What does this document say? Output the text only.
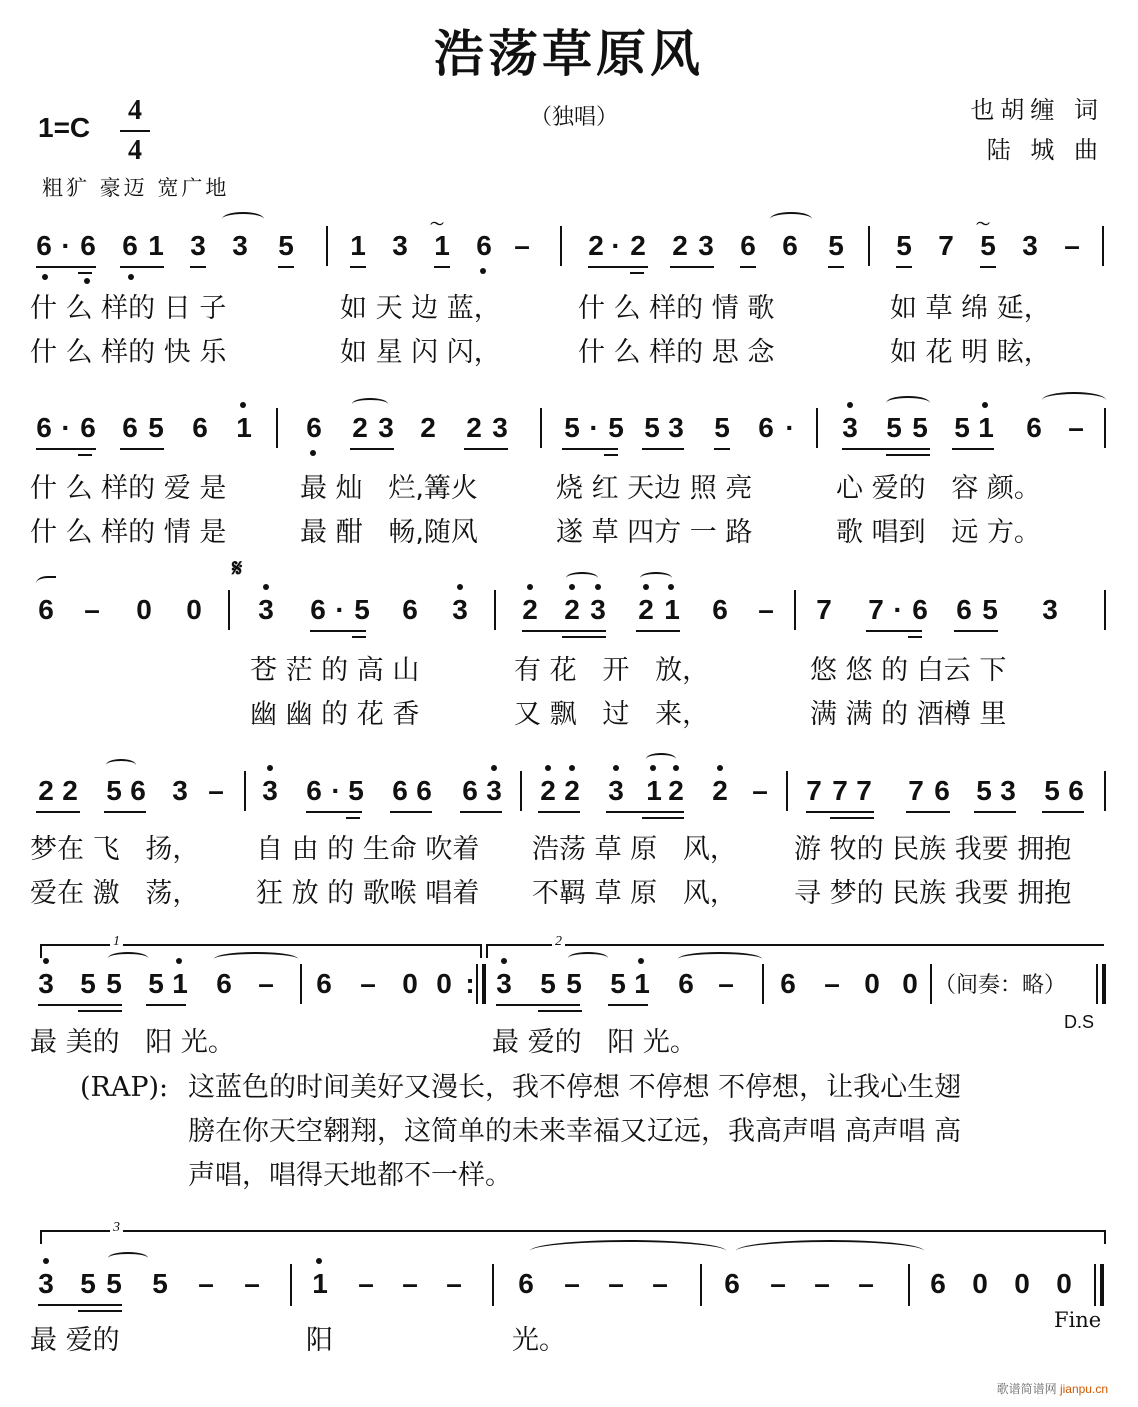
浩荡草原风
1=C
4
4
（独唱）	也胡缠 词
陆 城 曲
粗犷 豪迈 宽广地
6 · 6 6 1 3 3 5 1 3 1 6 –
～
2 · 2 2 3 6 6 5 5 7 5 3 –
～
什 么 样的 日 子	如 天 边 蓝，	什 么 样的 情 歌	如 草 绵 延，
什 么 样的 快 乐	如 星 闪 闪，	什 么 样的 思 念	如 花 明 眩，
6 · 6 6 5 6 1 6 2 3 2 2 3 5 · 5 5 3 5 6 · 3 5 5 5 1 6 –
什 么 样的 爱 是	最 灿   烂,篝火	烧 红 天边 照 亮	心 爱的   容 颜。
什 么 样的 情 是	最 酣   畅,随风	遂 草 四方 一 路	歌 唱到   远 方。
6 – 0 0
𝄋
3 6 · 5 6 3 2 2 3 2 1 6 – 7 7 · 6 6 5 3
苍 茫 的 高 山	有 花   开   放，	悠 悠 的 白云 下
幽 幽 的 花 香	又 飘   过   来，	满 满 的 酒樽 里
2 2 5 6 3 – 3 6 · 5 6 6 6 3 2 2 3 1 2 2 – 7 7 7 7 6 5 3 5 6
梦在 飞   扬， 自 由 的 生命 吹着 浩荡 草 原   风， 游 牧的 民族 我要 拥抱
爱在 激   荡， 狂 放 的 歌喉 唱着 不羁 草 原   风， 寻 梦的 民族 我要 拥抱
1	2
3 5 5 5 1 6 – 6 – 0 0 : 3 5 5 5 1 6 – 6 – 0 0 （间奏：略）
D.S
最 美的   阳 光。	最 爱的   阳 光。
(RAP): 这蓝色的时间美好又漫长，我不停想 不停想 不停想，让我心生翅
膀在你天空翱翔，这简单的未来幸福又辽远，我高声唱 高声唱 高
声唱，唱得天地都不一样。
3
3 5 5 5 – – 1 – – – 6 – – – 6 – – – 6 0 0 0
Fine
最 爱的	阳	光。
歌谱简谱网 jianpu.cn
